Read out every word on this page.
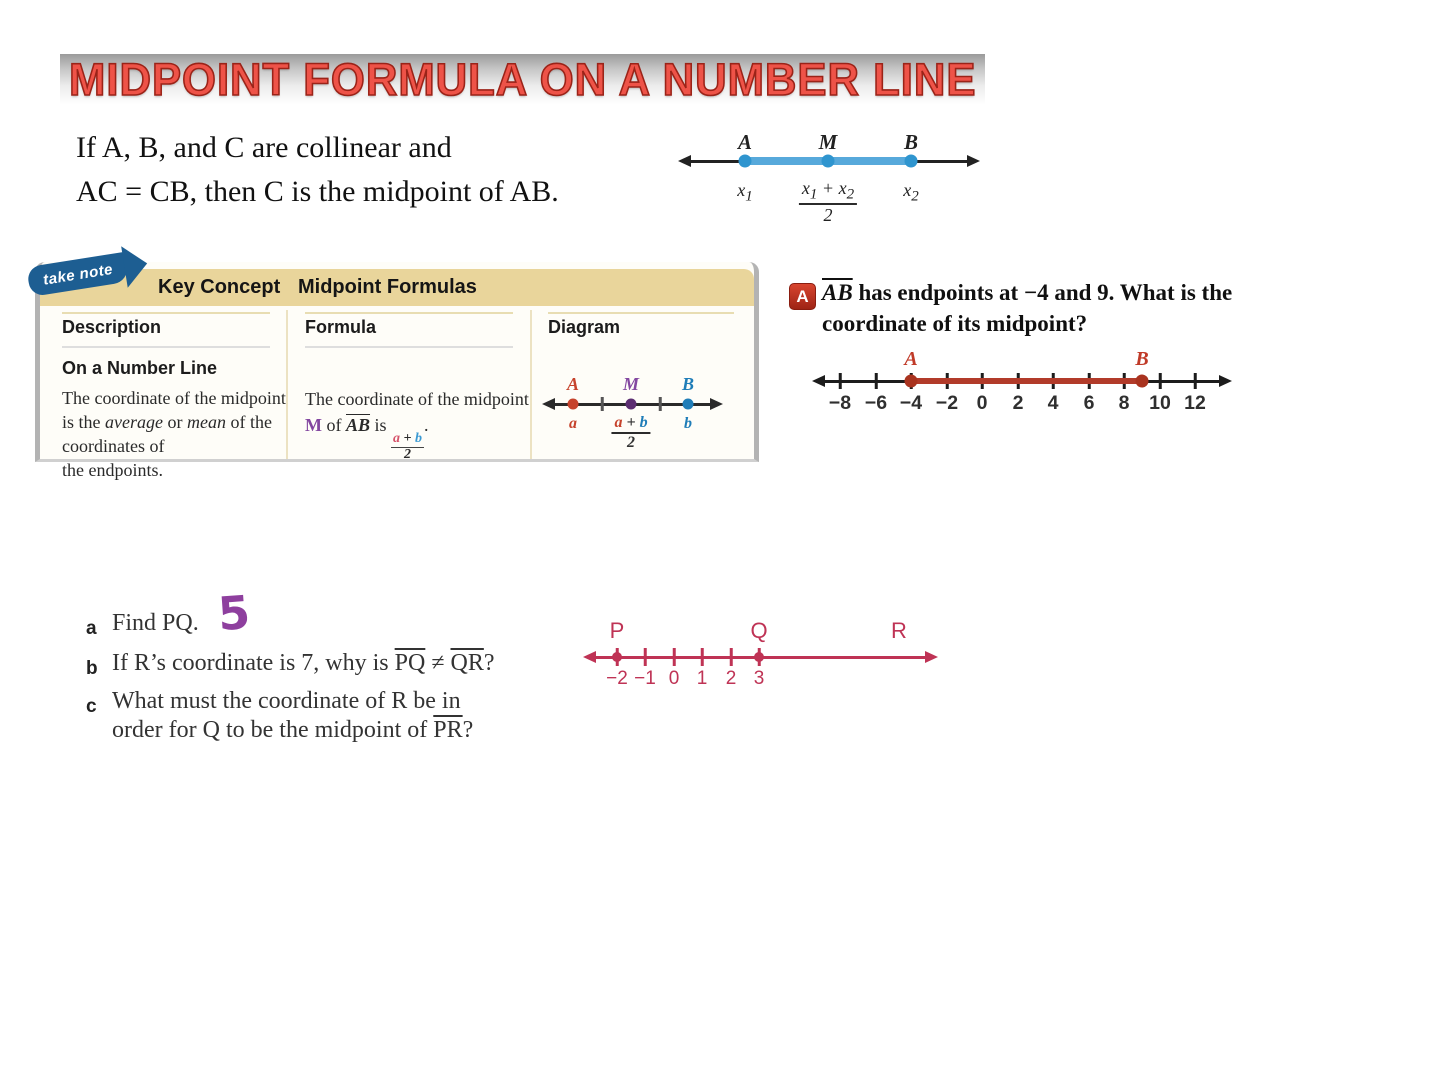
MIDPOINT FORMULA ON A NUMBER LINE
If A, B, and C are collinear and
AC = CB, then C is the midpoint of AB.
A	M	B
$x_1$	$\frac{x_1 + x_2}{2}$	$x_2$
Key Concept Midpoint Formulas
take note
Description	Formula	Diagram
On a Number Line
The coordinate of the midpoint is the average or mean of the coordinates of
the endpoints.
The coordinate of the midpoint M of $\overline{AB}$ is
$\frac{a + b}{2}$
.
A M B
a $\frac{a + b}{2}$ b
A $\overline{AB}$ has endpoints at −4 and 9. What is the
coordinate of its midpoint?
A	B
−8 −6 −4 −2 0 2 4 6 8 10 12
a Find PQ. 5
b If R’s coordinate is 7, why is $\overline{PQ} \ne \overline{QR}$?
c What must the coordinate of R be in
order for Q to be the midpoint of $\overline{PR}$?
P	Q	R
−2 −1 0 1 2 3
